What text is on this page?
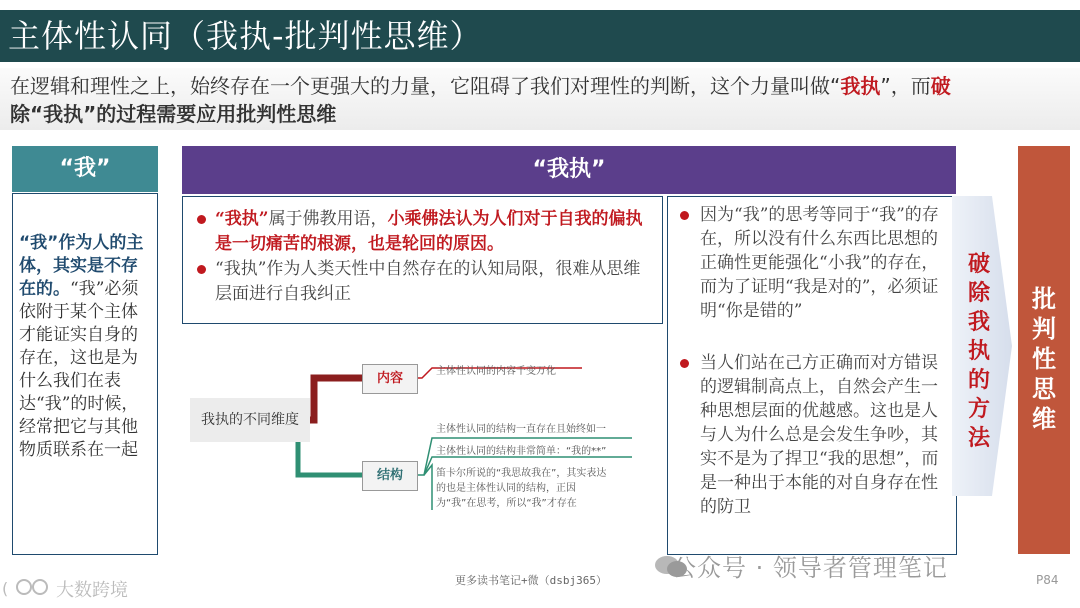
主体性认同（我执-批判性思维）
在逻辑和理性之上，始终存在一个更强大的力量，它阻碍了我们对理性的判断，这个力量叫做“我执”，而破
除“我执”的过程需要应用批判性思维
“我”
“我”作为人的主体，其实是不存在的。“我”必须依附于某个主体才能证实自身的存在，这也是为什么我们在表达“我”的时候，经常把它与其他物质联系在一起
“我执”
“我执”属于佛教用语，小乘佛法认为人们对于自我的偏执是一切痛苦的根源，也是轮回的原因。
“我执”作为人类天性中自然存在的认知局限，很难从思维层面进行自我纠正
因为“我”的思考等同于“我”的存在，所以没有什么东西比思想的正确性更能强化“小我”的存在，而为了证明“我是对的”，必须证明“你是错的”
当人们站在己方正确而对方错误的逻辑制高点上，自然会产生一种思想层面的优越感。这也是人与人为什么总是会发生争吵，其实不是为了捍卫“我的思想”，而是一种出于本能的对自身存在性的防卫
我执的不同维度
内容	主体性认同的内容千变万化
结构
主体性认同的结构一直存在且始终如一
主体性认同的结构非常简单：“我的**”
笛卡尔所说的“我思故我在”，其实表达
的也是主体性认同的结构，正因
为“我”在思考，所以“我”才存在
破除我执的方法
批判性思维
(	大数跨境	更多读书笔记+微（dsbj365）	公众号 · 领导者管理笔记	P84
